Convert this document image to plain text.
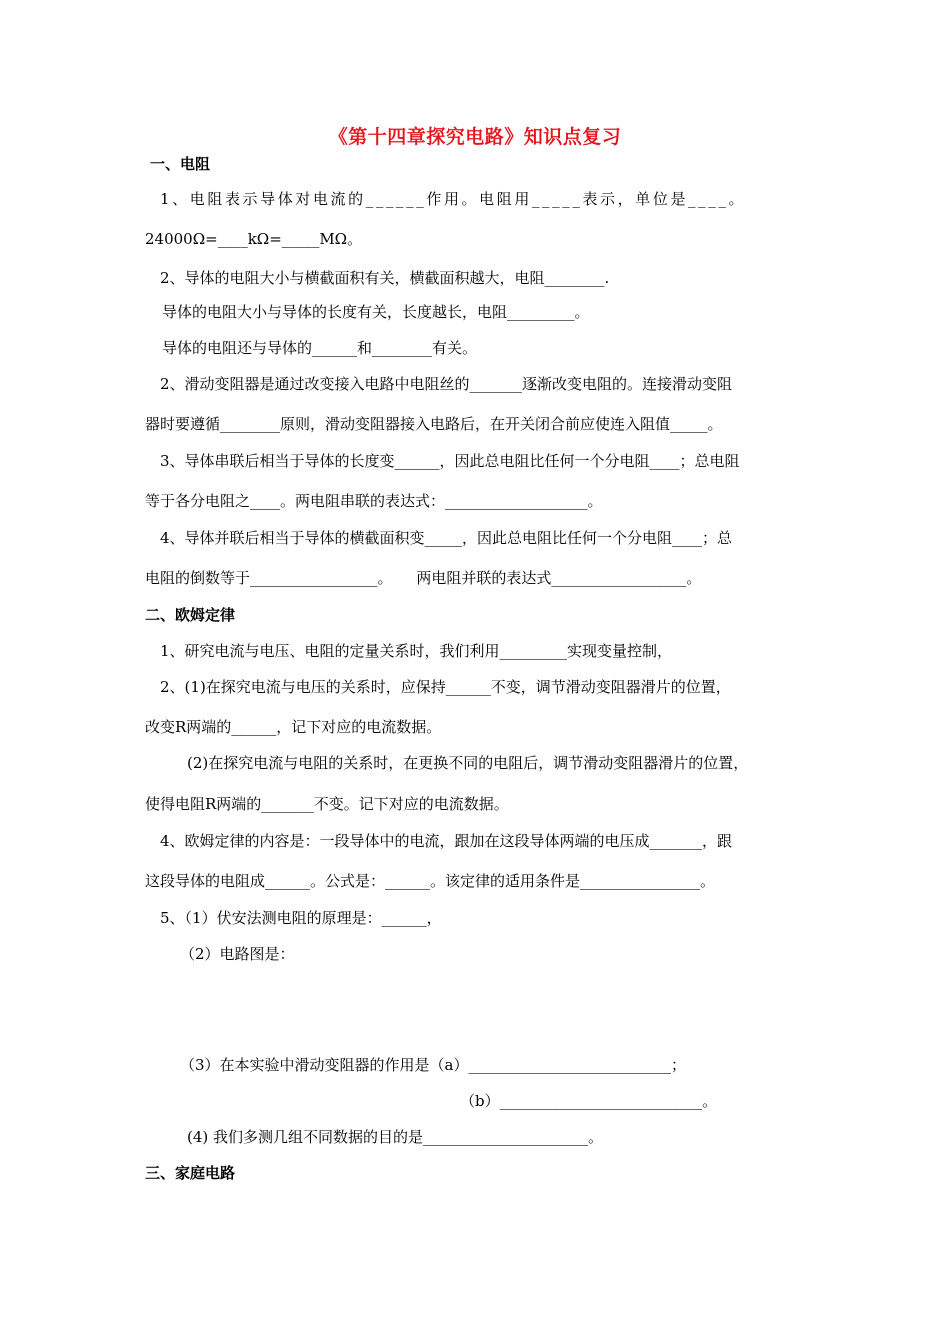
《第十四章探究电路》知识点复习
一、电阻
1、电阻表示导体对电流的______作用。电阻用_____表示，单位是____。
24000Ω=____kΩ=_____MΩ。
2、导体的电阻大小与横截面积有关，横截面积越大，电阻________.
导体的电阻大小与导体的长度有关，长度越长，电阻_________。
导体的电阻还与导体的______和________有关。
2、滑动变阻器是通过改变接入电路中电阻丝的_______逐渐改变电阻的。连接滑动变阻
器时要遵循________原则，滑动变阻器接入电路后，在开关闭合前应使连入阻值_____。
3、导体串联后相当于导体的长度变______，因此总电阻比任何一个分电阻____；总电阻
等于各分电阻之____。两电阻串联的表达式：___________________。
4、导体并联后相当于导体的横截面积变_____，因此总电阻比任何一个分电阻____；总
电阻的倒数等于_________________。     两电阻并联的表达式__________________。
二、欧姆定律
1、研究电流与电压、电阻的定量关系时，我们利用_________实现变量控制，
2、(1)在探究电流与电压的关系时，应保持______不变，调节滑动变阻器滑片的位置，
改变R两端的______，记下对应的电流数据。
(2)在探究电流与电阻的关系时，在更换不同的电阻后，调节滑动变阻器滑片的位置，
使得电阻R两端的_______不变。记下对应的电流数据。
4、欧姆定律的内容是：一段导体中的电流，跟加在这段导体两端的电压成_______，跟
这段导体的电阻成______。公式是：______。该定律的适用条件是________________。
5、（1）伏安法测电阻的原理是：______，
（2）电路图是：
（3）在本实验中滑动变阻器的作用是（a）___________________________；
（b）___________________________。
(4) 我们多测几组不同数据的目的是______________________。
三、家庭电路
